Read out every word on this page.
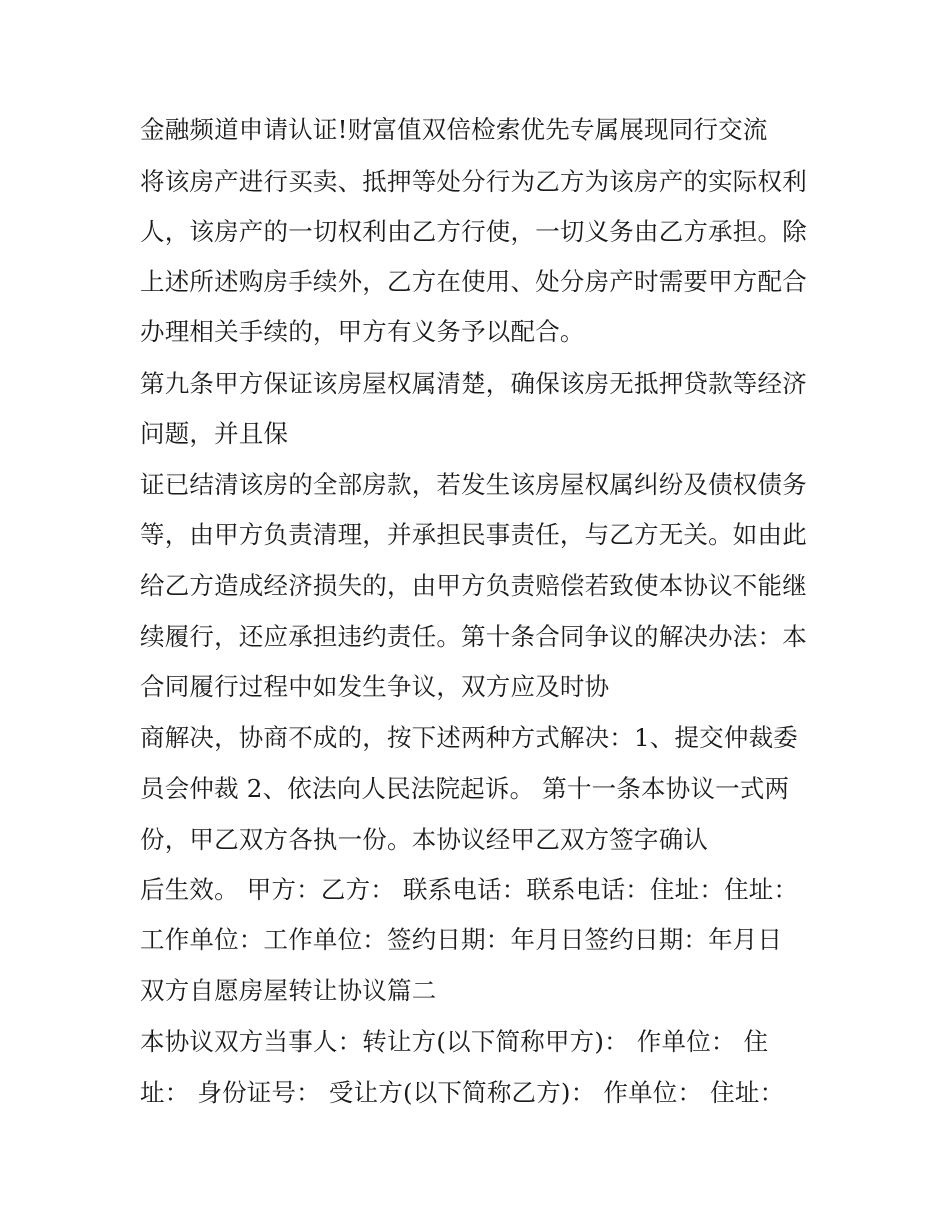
金融频道申请认证!财富值双倍检索优先专属展现同行交流
将该房产进行买卖、抵押等处分行为乙方为该房产的实际权利
人，该房产的一切权利由乙方行使，一切义务由乙方承担。除
上述所述购房手续外，乙方在使用、处分房产时需要甲方配合
办理相关手续的，甲方有义务予以配合。
第九条甲方保证该房屋权属清楚，确保该房无抵押贷款等经济
问题，并且保
证已结清该房的全部房款，若发生该房屋权属纠纷及债权债务
等，由甲方负责清理，并承担民事责任，与乙方无关。如由此
给乙方造成经济损失的，由甲方负责赔偿若致使本协议不能继
续履行，还应承担违约责任。第十条合同争议的解决办法：本
合同履行过程中如发生争议，双方应及时协
商解决，协商不成的，按下述两种方式解决：1、提交仲裁委
员会仲裁 2、依法向人民法院起诉。 第十一条本协议一式两
份，甲乙双方各执一份。本协议经甲乙双方签字确认
后生效。 甲方：乙方： 联系电话：联系电话：住址：住址：
工作单位：工作单位：签约日期：年月日签约日期：年月日
双方自愿房屋转让协议篇二
本协议双方当事人：转让方(以下简称甲方)： 作单位： 住
址： 身份证号： 受让方(以下简称乙方)： 作单位： 住址：
